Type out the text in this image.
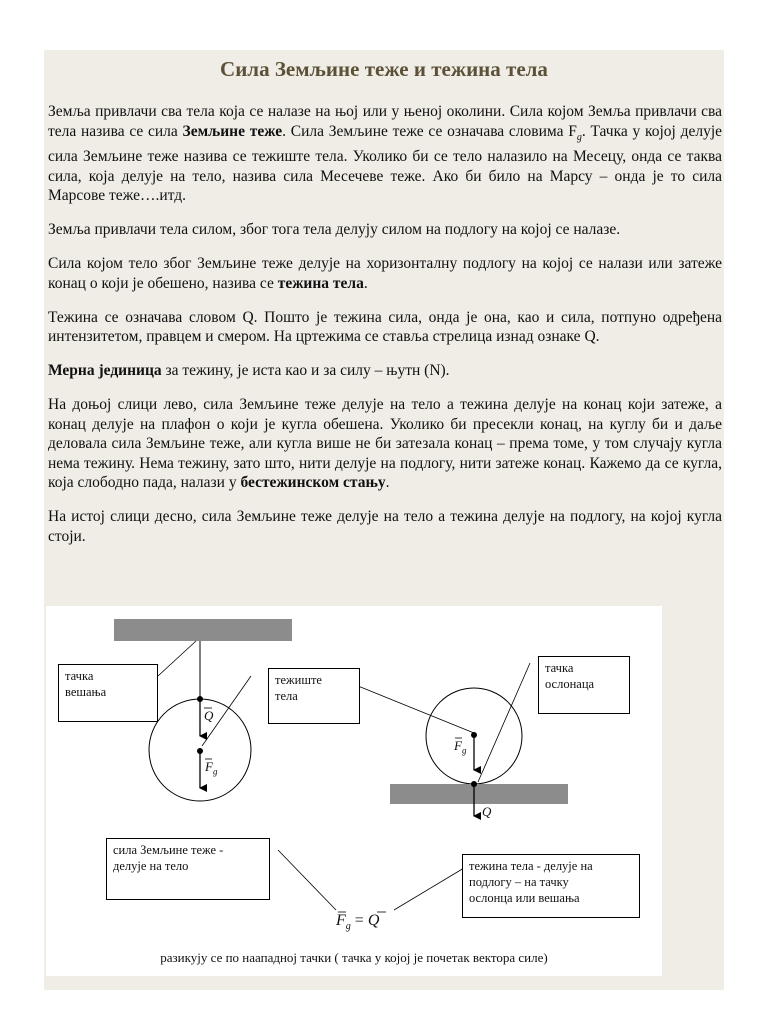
Сила Земљине теже и тежина тела

Земља привлачи сва тела која се налазе на њој или у њеној околини. Сила којом Земља привлачи сва тела назива се сила Земљине теже. Сила Земљине теже се означава словима $F_g$. Тачка у којој делује сила Земљине теже назива се тежиште тела. Уколико би се тело налазило на Месецу, онда се таква сила, која делује на тело, назива сила Месечеве теже. Ако би било на Марсу – онда је то сила Марсове теже….итд.

Земља привлачи тела силом, због тога тела делују силом на подлогу на којој се налазе.

Сила којом тело због Земљине теже делује на хоризонталну подлогу на којој се налази или затеже конац о који је обешено, назива се тежина тела.

Тежина се означава словом Q. Пошто је тежина сила, онда је она, као и сила, потпуно одређена интензитетом, правцем и смером. На цртежима се ставља стрелица изнад ознаке Q.

Мерна јединица за тежину, је иста као и за силу – њутн (N).

На доњој слици лево, сила Земљине теже делује на тело а тежина делује на конац који затеже, а конац делује на плафон о који је кугла обешена. Уколико би пресекли конац, на куглу би и даље деловала сила Земљине теже, али кугла више не би затезала конац – према томе, у том случају кугла нема тежину. Нема тежину, зато што, нити делује на подлогу, нити затеже конац. Кажемо да се кугла, која слободно пада, налази у бестежинском стању.

На истој слици десно, сила Земљине теже делује на тело а тежина делује на подлогу, на којој кугла стоји.

тачка
вешања
тежиште
тела
тачка
ослонаца
сила Земљине теже -
делује на тело	тежина тела - делује на
подлогу – на тачку
ослонца или вешања
Q
$F_g$
$F_g$
Q
$F_g = Q$
разикују се по наападној тачки ( тачка у којој је почетак вектора силе)
